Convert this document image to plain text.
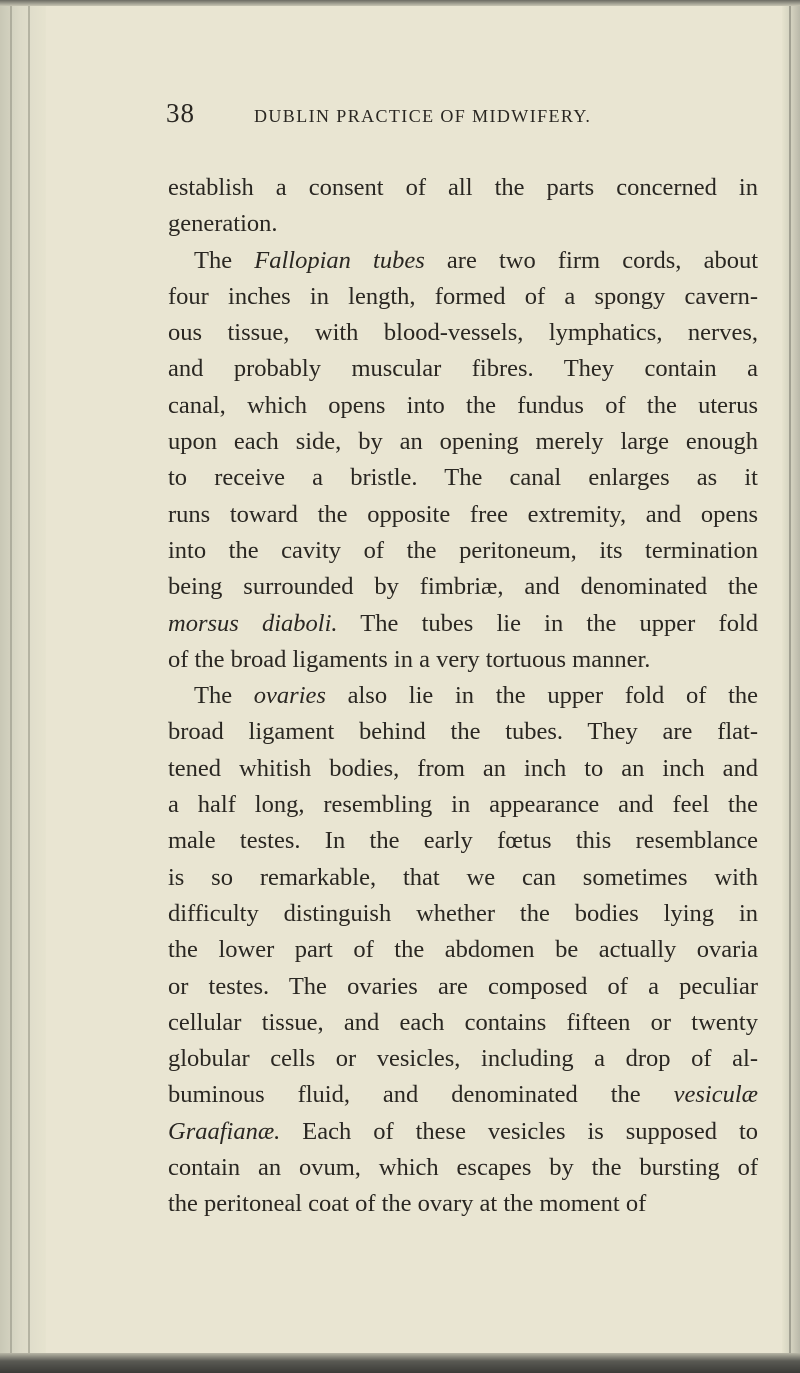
38	DUBLIN PRACTICE OF MIDWIFERY.
establish a consent of all the parts concerned in
generation.
The Fallopian tubes are two firm cords, about
four inches in length, formed of a spongy cavern-
ous tissue, with blood-vessels, lymphatics, nerves,
and probably muscular fibres. They contain a
canal, which opens into the fundus of the uterus
upon each side, by an opening merely large enough
to receive a bristle. The canal enlarges as it
runs toward the opposite free extremity, and opens
into the cavity of the peritoneum, its termination
being surrounded by fimbriæ, and denominated the
morsus diaboli. The tubes lie in the upper fold
of the broad ligaments in a very tortuous manner.
The ovaries also lie in the upper fold of the
broad ligament behind the tubes. They are flat-
tened whitish bodies, from an inch to an inch and
a half long, resembling in appearance and feel the
male testes. In the early fœtus this resemblance
is so remarkable, that we can sometimes with
difficulty distinguish whether the bodies lying in
the lower part of the abdomen be actually ovaria
or testes. The ovaries are composed of a peculiar
cellular tissue, and each contains fifteen or twenty
globular cells or vesicles, including a drop of al-
buminous fluid, and denominated the vesiculæ
Graafianæ. Each of these vesicles is supposed to
contain an ovum, which escapes by the bursting of
the peritoneal coat of the ovary at the moment of
